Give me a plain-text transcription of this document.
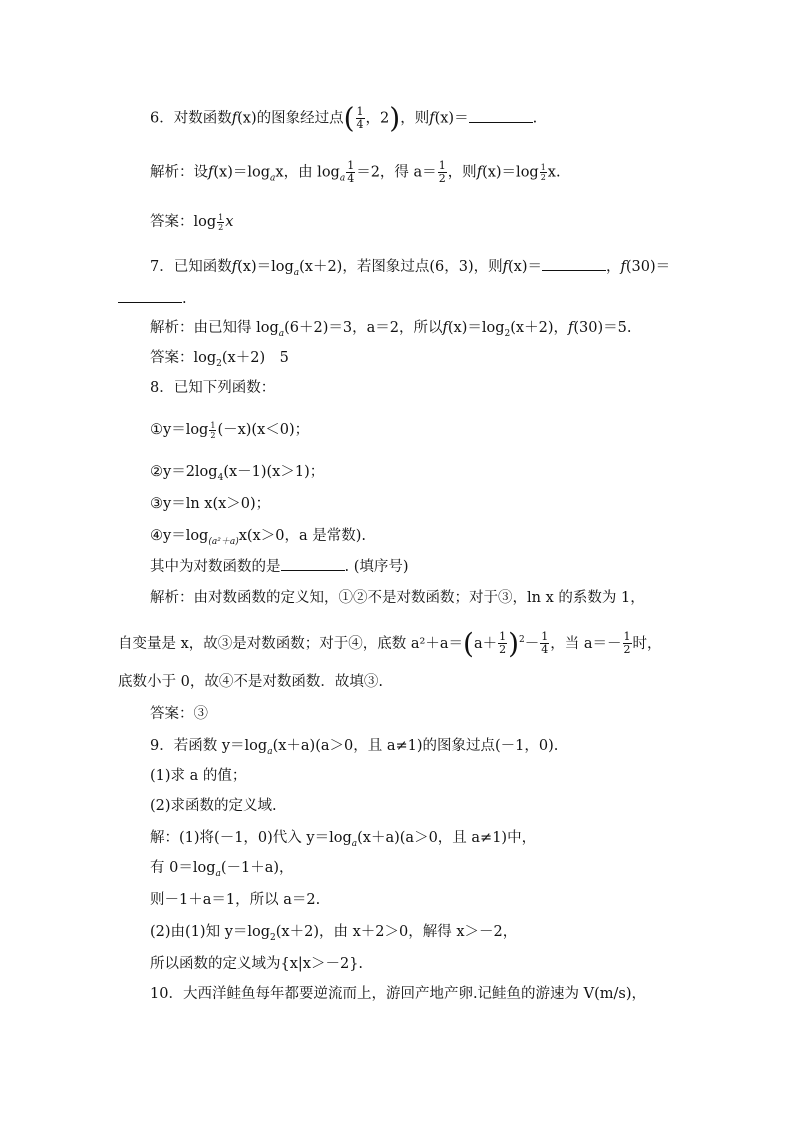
6．对数函数f(x)的图象经过点( $\frac{1}{4}$ ，2)，则f(x)＝	.
解析：设$f(x)=\log_ax$，由 $\log_a \frac{1}{4} =2$，得 $a= \frac{1}{2}$ ，则$f(x)=\log \frac{1}{2} x$.
答案：$\log \frac{1}{2}$ x
7．已知函数$f(x)=\log_a(x+2)$，若图象过点(6，3)，则f(x)＝	，f(30)＝
.
解析：由已知得 $\log_a(6+2)=3$，a＝2，所以$f(x)=\log_2(x+2)$，f(30)＝5.
答案：$\log_2(x+2)$　5
8．已知下列函数：
①y＝log $\frac{1}{2} (-x)(x<0)$；
$②y=2\log_4(x-1)(x>1)$；
③y＝ln x(x＞0)；
$④y=\log_{(a^2+a)}x(x>0$，a 是常数).
其中为对数函数的是	. (填序号)
解析：由对数函数的定义知，①②不是对数函数；对于③，ln x 的系数为 1，
自变量是 x，故③是对数函数；对于④，底数 $a^2+a=(a+ \frac{1}{2} )^2- \frac{1}{4}$ ，当 $a=- \frac{1}{2}$ 时，
底数小于 0，故④不是对数函数．故填③.
答案：③
9．若函数 $y=\log_a(x+a)(a>0$，且 a≠1)的图象过点(－1，0).
(1)求 a 的值；
(2)求函数的定义域.
解：(1)将(－1，0)代入 $y=\log_a(x+a)(a>0$，且 a≠1)中，
有 $0=\log_a(-1+a)$，
则－1＋a＝1，所以 a＝2.
(2)由(1)知 $y=\log_2(x+2)$，由 x＋2＞0，解得 x＞－2，
所以函数的定义域为{x|x＞－2}.
10．大西洋鲑鱼每年都要逆流而上，游回产地产卵.记鲑鱼的游速为 V(m/s)，
